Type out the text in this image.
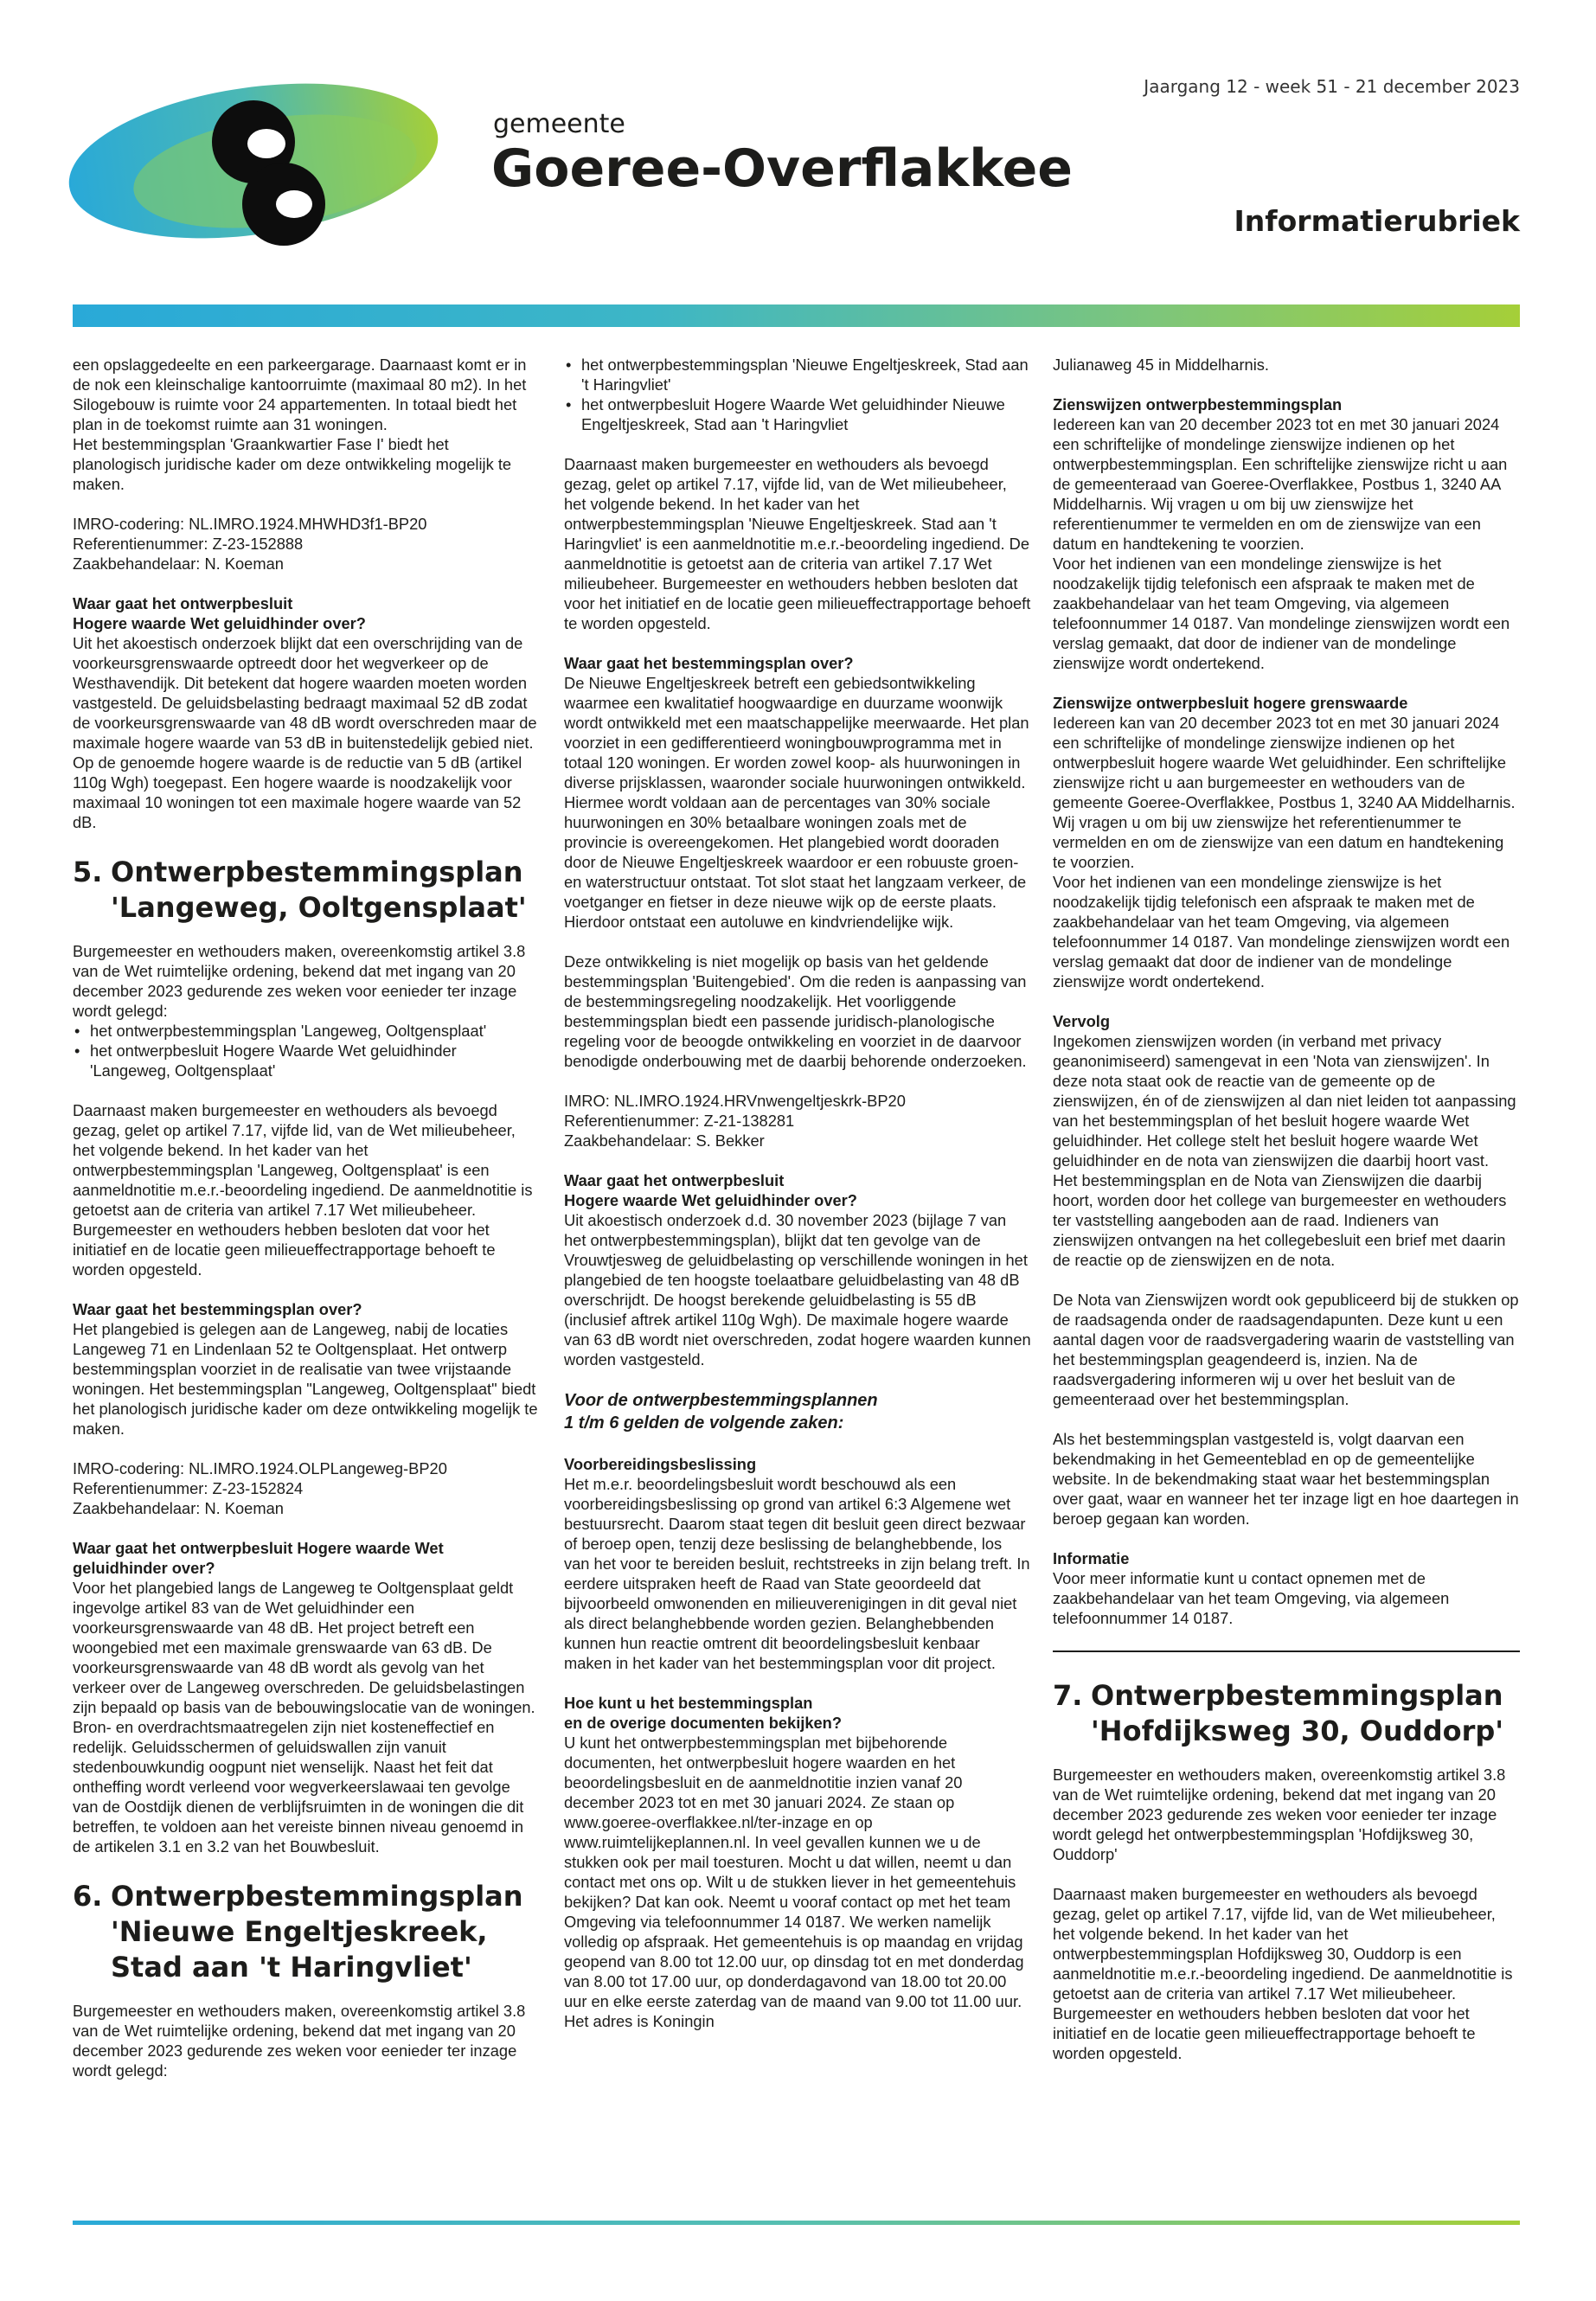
gemeente
Goeree-Overflakkee
Jaargang 12 - week 51 - 21 december 2023
Informatierubriek

een opslaggedeelte en een parkeergarage. Daarnaast komt er in de nok een kleinschalige kantoorruimte (maximaal 80 m2). In het Silogebouw is ruimte voor 24 appartementen. In totaal biedt het plan in de toekomst ruimte aan 31 woningen.

Het bestemmingsplan 'Graankwartier Fase I' biedt het planologisch juridische kader om deze ontwikkeling mogelijk te maken.

IMRO-codering: NL.IMRO.1924.MHWHD3f1-BP20

Referentienummer: Z-23-152888

Zaakbehandelaar: N. Koeman

Waar gaat het ontwerpbesluit

Hogere waarde Wet geluidhinder over?

Uit het akoestisch onderzoek blijkt dat een overschrijding van de voorkeursgrenswaarde optreedt door het wegverkeer op de Westhavendijk. Dit betekent dat hogere waarden moeten worden vastgesteld. De geluidsbelasting bedraagt maximaal 52 dB zodat de voorkeursgrenswaarde van 48 dB wordt overschreden maar de maximale hogere waarde van 53 dB in buitenstedelijk gebied niet. Op de genoemde hogere waarde is de reductie van 5 dB (artikel 110g Wgh) toegepast. Een hogere waarde is noodzakelijk voor maximaal 10 woningen tot een maximale hogere waarde van 52 dB.

5. Ontwerpbestemmingsplan 'Langeweg, Ooltgensplaat'

Burgemeester en wethouders maken, overeenkomstig artikel 3.8 van de Wet ruimtelijke ordening, bekend dat met ingang van 20 december 2023 gedurende zes weken voor eenieder ter inzage wordt gelegd:

• het ontwerpbestemmingsplan 'Langeweg, Ooltgensplaat'
• het ontwerpbesluit Hogere Waarde Wet geluidhinder 'Langeweg, Ooltgensplaat'

Daarnaast maken burgemeester en wethouders als bevoegd gezag, gelet op artikel 7.17, vijfde lid, van de Wet milieubeheer, het volgende bekend. In het kader van het ontwerpbestemmingsplan 'Langeweg, Ooltgensplaat' is een aanmeldnotitie m.e.r.-beoordeling ingediend. De aanmeldnotitie is getoetst aan de criteria van artikel 7.17 Wet milieubeheer. Burgemeester en wethouders hebben besloten dat voor het initiatief en de locatie geen milieueffectrapportage behoeft te worden opgesteld.

Waar gaat het bestemmingsplan over?

Het plangebied is gelegen aan de Langeweg, nabij de locaties Langeweg 71 en Lindenlaan 52 te Ooltgensplaat. Het ontwerp bestemmingsplan voorziet in de realisatie van twee vrijstaande woningen. Het bestemmingsplan "Langeweg, Ooltgensplaat" biedt het planologisch juridische kader om deze ontwikkeling mogelijk te maken.

IMRO-codering: NL.IMRO.1924.OLPLangeweg-BP20

Referentienummer: Z-23-152824

Zaakbehandelaar: N. Koeman

Waar gaat het ontwerpbesluit Hogere waarde Wet geluidhinder over?

Voor het plangebied langs de Langeweg te Ooltgensplaat geldt ingevolge artikel 83 van de Wet geluidhinder een voorkeursgrenswaarde van 48 dB. Het project betreft een woongebied met een maximale grenswaarde van 63 dB. De voorkeursgrenswaarde van 48 dB wordt als gevolg van het verkeer over de Langeweg overschreden. De geluidsbelastingen zijn bepaald op basis van de bebouwingslocatie van de woningen. Bron- en overdrachtsmaatregelen zijn niet kosteneffectief en redelijk. Geluidsschermen of geluidswallen zijn vanuit stedenbouwkundig oogpunt niet wenselijk. Naast het feit dat ontheffing wordt verleend voor wegverkeerslawaai ten gevolge van de Oostdijk dienen de verblijfsruimten in de woningen die dit betreffen, te voldoen aan het vereiste binnen niveau genoemd in de artikelen 3.1 en 3.2 van het Bouwbesluit.

6. Ontwerpbestemmingsplan 'Nieuwe Engeltjeskreek, Stad aan 't Haringvliet'

Burgemeester en wethouders maken, overeenkomstig artikel 3.8 van de Wet ruimtelijke ordening, bekend dat met ingang van 20 december 2023 gedurende zes weken voor eenieder ter inzage wordt gelegd:

• het ontwerpbestemmingsplan 'Nieuwe Engeltjeskreek, Stad aan 't Haringvliet'
• het ontwerpbesluit Hogere Waarde Wet geluidhinder Nieuwe Engeltjeskreek, Stad aan 't Haringvliet

Daarnaast maken burgemeester en wethouders als bevoegd gezag, gelet op artikel 7.17, vijfde lid, van de Wet milieubeheer, het volgende bekend. In het kader van het ontwerpbestemmingsplan 'Nieuwe Engeltjeskreek. Stad aan 't Haringvliet' is een aanmeldnotitie m.e.r.-beoordeling ingediend. De aanmeldnotitie is getoetst aan de criteria van artikel 7.17 Wet milieubeheer. Burgemeester en wethouders hebben besloten dat voor het initiatief en de locatie geen milieueffectrapportage behoeft te worden opgesteld.

Waar gaat het bestemmingsplan over?

De Nieuwe Engeltjeskreek betreft een gebiedsontwikkeling waarmee een kwalitatief hoogwaardige en duurzame woonwijk wordt ontwikkeld met een maatschappelijke meerwaarde. Het plan voorziet in een gedifferentieerd woningbouwprogramma met in totaal 120 woningen. Er worden zowel koop- als huurwoningen in diverse prijsklassen, waaronder sociale huurwoningen ontwikkeld. Hiermee wordt voldaan aan de percentages van 30% sociale huurwoningen en 30% betaalbare woningen zoals met de provincie is overeengekomen. Het plangebied wordt dooraden door de Nieuwe Engeltjeskreek waardoor er een robuuste groen- en waterstructuur ontstaat. Tot slot staat het langzaam verkeer, de voetganger en fietser in deze nieuwe wijk op de eerste plaats. Hierdoor ontstaat een autoluwe en kindvriendelijke wijk.

Deze ontwikkeling is niet mogelijk op basis van het geldende bestemmingsplan 'Buitengebied'. Om die reden is aanpassing van de bestemmingsregeling noodzakelijk. Het voorliggende bestemmingsplan biedt een passende juridisch-planologische regeling voor de beoogde ontwikkeling en voorziet in de daarvoor benodigde onderbouwing met de daarbij behorende onderzoeken.

IMRO: NL.IMRO.1924.HRVnwengeltjeskrk-BP20

Referentienummer: Z-21-138281

Zaakbehandelaar: S. Bekker

Waar gaat het ontwerpbesluit

Hogere waarde Wet geluidhinder over?

Uit akoestisch onderzoek d.d. 30 november 2023 (bijlage 7 van het ontwerpbestemmingsplan), blijkt dat ten gevolge van de Vrouwtjesweg de geluidbelasting op verschillende woningen in het plangebied de ten hoogste toelaatbare geluidbelasting van 48 dB overschrijdt. De hoogst berekende geluidbelasting is 55 dB (inclusief aftrek artikel 110g Wgh). De maximale hogere waarde van 63 dB wordt niet overschreden, zodat hogere waarden kunnen worden vastgesteld.

Voor de ontwerpbestemmingsplannen

1 t/m 6 gelden de volgende zaken:

Voorbereidingsbeslissing

Het m.e.r. beoordelingsbesluit wordt beschouwd als een voorbereidingsbeslissing op grond van artikel 6:3 Algemene wet bestuursrecht. Daarom staat tegen dit besluit geen direct bezwaar of beroep open, tenzij deze beslissing de belanghebbende, los van het voor te bereiden besluit, rechtstreeks in zijn belang treft. In eerdere uitspraken heeft de Raad van State geoordeeld dat bijvoorbeeld omwonenden en milieuverenigingen in dit geval niet als direct belanghebbende worden gezien. Belanghebbenden kunnen hun reactie omtrent dit beoordelingsbesluit kenbaar maken in het kader van het bestemmingsplan voor dit project.

Hoe kunt u het bestemmingsplan

en de overige documenten bekijken?

U kunt het ontwerpbestemmingsplan met bijbehorende documenten, het ontwerpbesluit hogere waarden en het beoordelingsbesluit en de aanmeldnotitie inzien vanaf 20 december 2023 tot en met 30 januari 2024. Ze staan op www.goeree-overflakkee.nl/ter-inzage en op www.ruimtelijkeplannen.nl. In veel gevallen kunnen we u de stukken ook per mail toesturen. Mocht u dat willen, neemt u dan contact met ons op. Wilt u de stukken liever in het gemeentehuis bekijken? Dat kan ook. Neemt u vooraf contact op met het team Omgeving via telefoonnummer 14 0187. We werken namelijk volledig op afspraak. Het gemeentehuis is op maandag en vrijdag geopend van 8.00 tot 12.00 uur, op dinsdag tot en met donderdag van 8.00 tot 17.00 uur, op donderdagavond van 18.00 tot 20.00 uur en elke eerste zaterdag van de maand van 9.00 tot 11.00 uur. Het adres is Koningin

Julianaweg 45 in Middelharnis.

Zienswijzen ontwerpbestemmingsplan

Iedereen kan van 20 december 2023 tot en met 30 januari 2024 een schriftelijke of mondelinge zienswijze indienen op het ontwerpbestemmingsplan. Een schriftelijke zienswijze richt u aan de gemeenteraad van Goeree-Overflakkee, Postbus 1, 3240 AA Middelharnis. Wij vragen u om bij uw zienswijze het referentienummer te vermelden en om de zienswijze van een datum en handtekening te voorzien.

Voor het indienen van een mondelinge zienswijze is het noodzakelijk tijdig telefonisch een afspraak te maken met de zaakbehandelaar van het team Omgeving, via algemeen telefoonnummer 14 0187. Van mondelinge zienswijzen wordt een verslag gemaakt, dat door de indiener van de mondelinge zienswijze wordt ondertekend.

Zienswijze ontwerpbesluit hogere grenswaarde

Iedereen kan van 20 december 2023 tot en met 30 januari 2024 een schriftelijke of mondelinge zienswijze indienen op het ontwerpbesluit hogere waarde Wet geluidhinder. Een schriftelijke zienswijze richt u aan burgemeester en wethouders van de gemeente Goeree-Overflakkee, Postbus 1, 3240 AA Middelharnis. Wij vragen u om bij uw zienswijze het referentienummer te vermelden en om de zienswijze van een datum en handtekening te voorzien.

Voor het indienen van een mondelinge zienswijze is het noodzakelijk tijdig telefonisch een afspraak te maken met de zaakbehandelaar van het team Omgeving, via algemeen telefoonnummer 14 0187. Van mondelinge zienswijzen wordt een verslag gemaakt dat door de indiener van de mondelinge zienswijze wordt ondertekend.

Vervolg

Ingekomen zienswijzen worden (in verband met privacy geanonimiseerd) samengevat in een 'Nota van zienswijzen'. In deze nota staat ook de reactie van de gemeente op de zienswijzen, én of de zienswijzen al dan niet leiden tot aanpassing van het bestemmingsplan of het besluit hogere waarde Wet geluidhinder. Het college stelt het besluit hogere waarde Wet geluidhinder en de nota van zienswijzen die daarbij hoort vast.

Het bestemmingsplan en de Nota van Zienswijzen die daarbij hoort, worden door het college van burgemeester en wethouders ter vaststelling aangeboden aan de raad. Indieners van zienswijzen ontvangen na het collegebesluit een brief met daarin de reactie op de zienswijzen en de nota.

De Nota van Zienswijzen wordt ook gepubliceerd bij de stukken op de raadsagenda onder de raadsagendapunten. Deze kunt u een aantal dagen voor de raadsvergadering waarin de vaststelling van het bestemmingsplan geagendeerd is, inzien. Na de raadsvergadering informeren wij u over het besluit van de gemeenteraad over het bestemmingsplan.

Als het bestemmingsplan vastgesteld is, volgt daarvan een bekendmaking in het Gemeenteblad en op de gemeentelijke website. In de bekendmaking staat waar het bestemmingsplan over gaat, waar en wanneer het ter inzage ligt en hoe daartegen in beroep gegaan kan worden.

Informatie

Voor meer informatie kunt u contact opnemen met de zaakbehandelaar van het team Omgeving, via algemeen telefoonnummer 14 0187.

7. Ontwerpbestemmingsplan 'Hofdijksweg 30, Ouddorp'

Burgemeester en wethouders maken, overeenkomstig artikel 3.8 van de Wet ruimtelijke ordening, bekend dat met ingang van 20 december 2023 gedurende zes weken voor eenieder ter inzage wordt gelegd het ontwerpbestemmingsplan 'Hofdijksweg 30, Ouddorp'

Daarnaast maken burgemeester en wethouders als bevoegd gezag, gelet op artikel 7.17, vijfde lid, van de Wet milieubeheer, het volgende bekend. In het kader van het ontwerpbestemmingsplan Hofdijksweg 30, Ouddorp is een aanmeldnotitie m.e.r.-beoordeling ingediend. De aanmeldnotitie is getoetst aan de criteria van artikel 7.17 Wet milieubeheer. Burgemeester en wethouders hebben besloten dat voor het initiatief en de locatie geen milieueffectrapportage behoeft te worden opgesteld.
